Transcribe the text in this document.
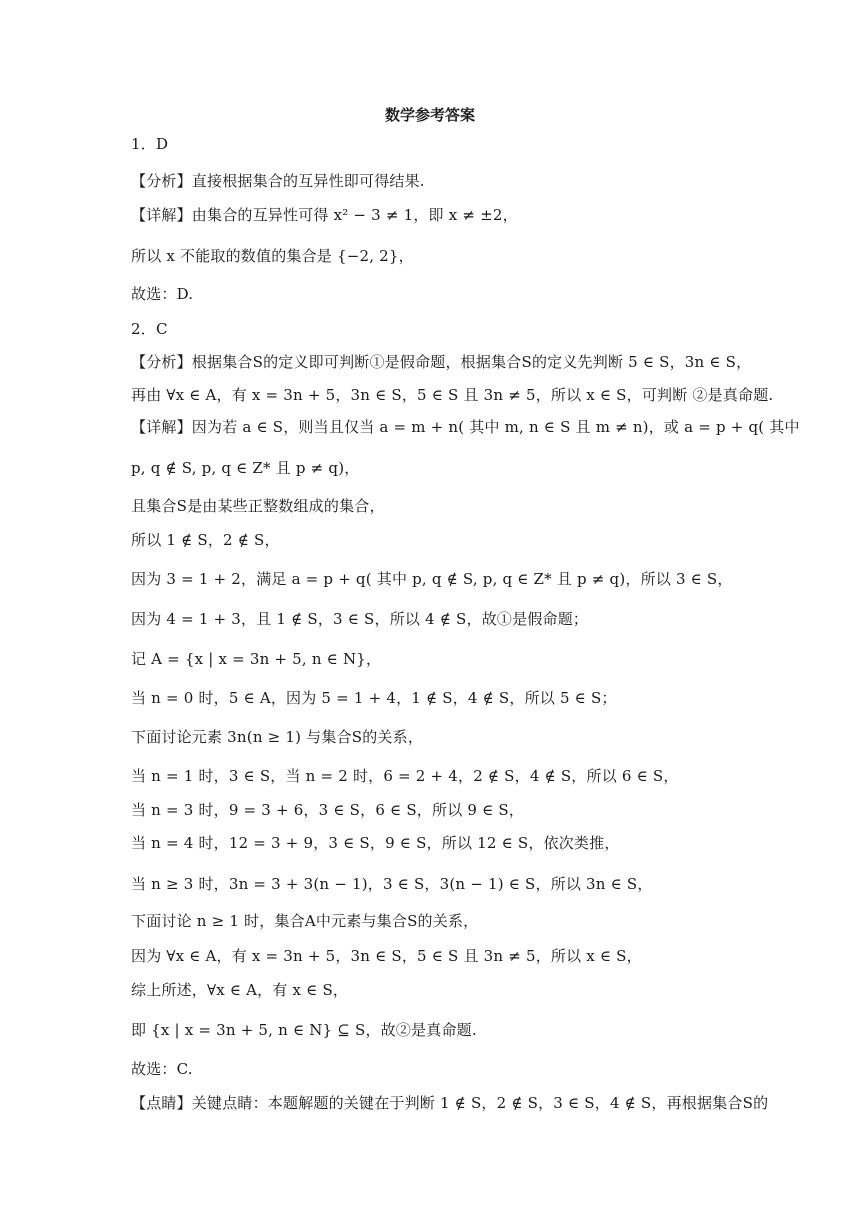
数学参考答案
1．D
【分析】直接根据集合的互异性即可得结果.
【详解】由集合的互异性可得 x² − 3 ≠ 1，即 x ≠ ±2，
所以 x 不能取的数值的集合是 {−2, 2}，
故选：D.
2．C
【分析】根据集合S的定义即可判断①是假命题，根据集合S的定义先判断 5 ∈ S，3n ∈ S，
再由 ∀x ∈ A，有 x = 3n + 5，3n ∈ S，5 ∈ S 且 3n ≠ 5，所以 x ∈ S，可判断 ②是真命题.
【详解】因为若 a ∈ S，则当且仅当 a = m + n( 其中 m, n ∈ S 且 m ≠ n)，或 a = p + q( 其中
p, q ∉ S, p, q ∈ Z* 且 p ≠ q)，
且集合S是由某些正整数组成的集合，
所以 1 ∉ S，2 ∉ S，
因为 3 = 1 + 2，满足 a = p + q( 其中 p, q ∉ S, p, q ∈ Z* 且 p ≠ q)，所以 3 ∈ S，
因为 4 = 1 + 3，且 1 ∉ S，3 ∈ S，所以 4 ∉ S，故①是假命题；
记 A = {x | x = 3n + 5, n ∈ N}，
当 n = 0 时，5 ∈ A，因为 5 = 1 + 4，1 ∉ S，4 ∉ S，所以 5 ∈ S；
下面讨论元素 3n(n ≥ 1) 与集合S的关系，
当 n = 1 时，3 ∈ S，当 n = 2 时，6 = 2 + 4，2 ∉ S，4 ∉ S，所以 6 ∈ S，
当 n = 3 时，9 = 3 + 6，3 ∈ S，6 ∈ S，所以 9 ∈ S，
当 n = 4 时，12 = 3 + 9，3 ∈ S，9 ∈ S，所以 12 ∈ S，依次类推，
当 n ≥ 3 时，3n = 3 + 3(n − 1)，3 ∈ S，3(n − 1) ∈ S，所以 3n ∈ S，
下面讨论 n ≥ 1 时，集合A中元素与集合S的关系，
因为 ∀x ∈ A，有 x = 3n + 5，3n ∈ S，5 ∈ S 且 3n ≠ 5，所以 x ∈ S，
综上所述，∀x ∈ A，有 x ∈ S，
即 {x | x = 3n + 5, n ∈ N} ⊆ S，故②是真命题.
故选：C.
【点睛】关键点睛：本题解题的关键在于判断 1 ∉ S，2 ∉ S，3 ∈ S，4 ∉ S，再根据集合S的
